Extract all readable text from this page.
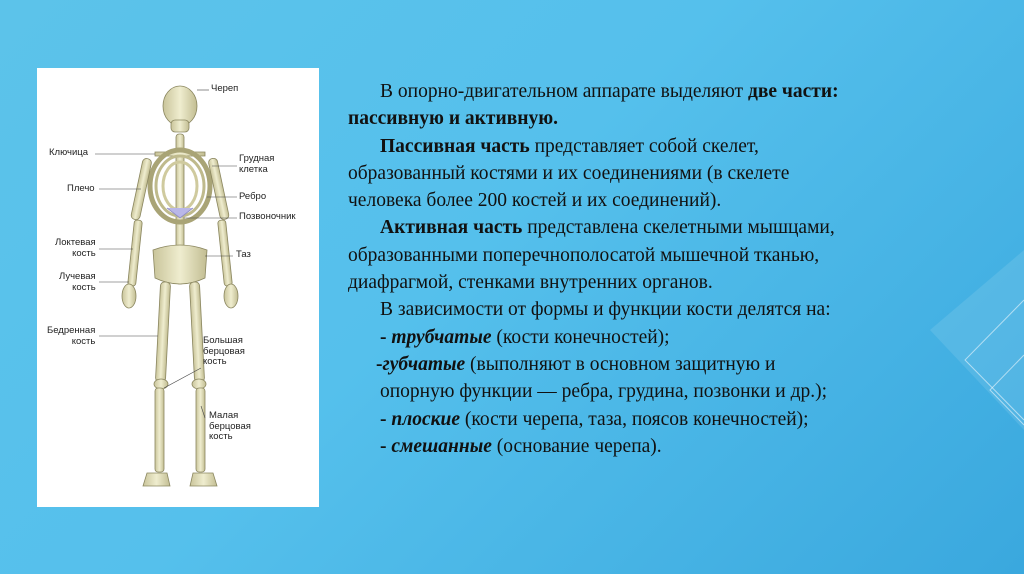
Череп
Ключица
Грудная
клетка
Плечо
Ребро
Позвоночник
Локтевая
кость	Таз
Лучевая
кость
Бедренная
кость	Большая
берцовая
кость
Малая
берцовая
кость
В опорно-двигательном аппарате выделяют две части:
пассивную и активную.
Пассивная часть представляет собой скелет,
образованный костями и их соединениями (в скелете
человека более 200 костей и их соединений).
Активная часть представлена скелетными мышцами,
образованными поперечнополосатой мышечной тканью,
диафрагмой, стенками внутренних органов.
В зависимости от формы и функции кости делятся на:
- трубчатые (кости конечностей);
-губчатые (выполняют в основном защитную и
опорную функции — ребра, грудина, позвонки и др.);
- плоские (кости черепа, таза, поясов конечностей);
- смешанные (основание черепа).
